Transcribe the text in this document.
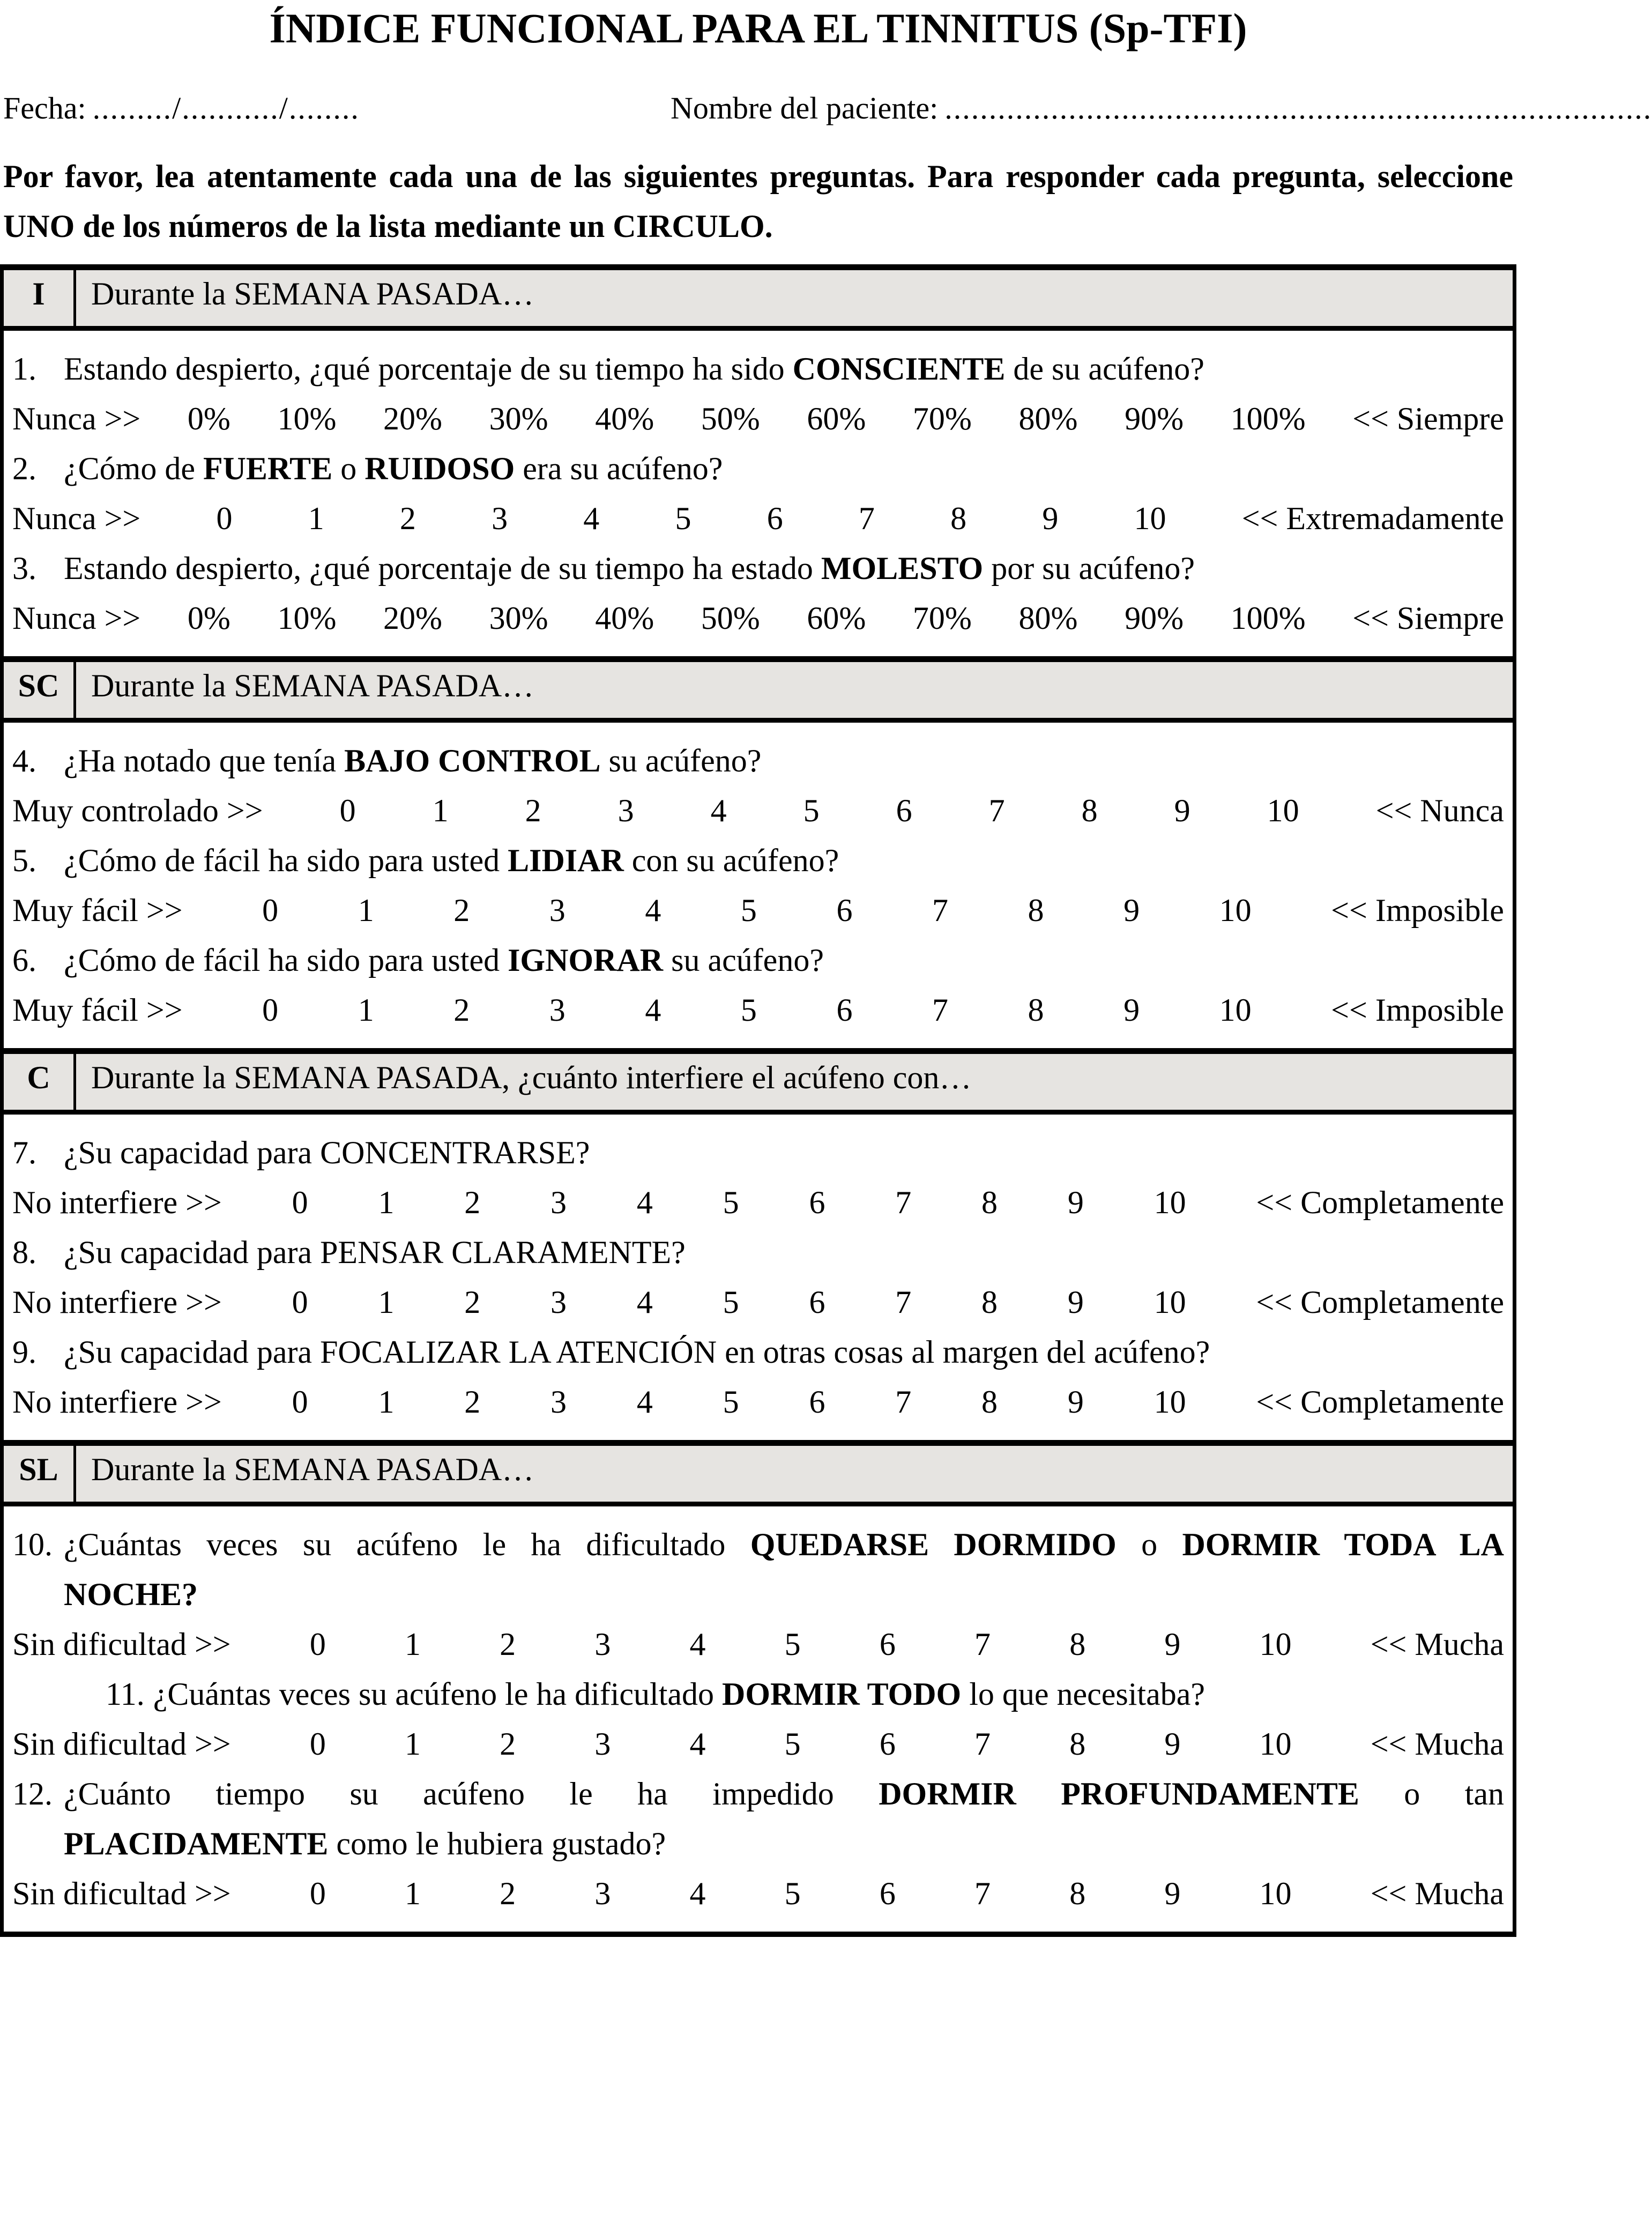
ÍNDICE FUNCIONAL PARA EL TINNITUS (Sp-TFI)
Fecha: ........./.........../........	Nombre del paciente: ................................................................................

Por favor, lea atentamente cada una de las siguientes preguntas. Para responder cada pregunta, seleccione UNO de los números de la lista mediante un CIRCULO.

I	Durante la SEMANA PASADA…
1. Estando despierto, ¿qué porcentaje de su tiempo ha sido CONSCIENTE de su acúfeno?
Nunca >> 0% 10% 20% 30% 40% 50% 60% 70% 80% 90% 100% << Siempre
2. ¿Cómo de FUERTE o RUIDOSO era su acúfeno?
Nunca >> 0 1 2 3 4 5 6 7 8 9 10 << Extremadamente
3. Estando despierto, ¿qué porcentaje de su tiempo ha estado MOLESTO por su acúfeno?
Nunca >> 0% 10% 20% 30% 40% 50% 60% 70% 80% 90% 100% << Siempre
SC Durante la SEMANA PASADA…
4. ¿Ha notado que tenía BAJO CONTROL su acúfeno?
Muy controlado >> 0 1 2 3 4 5 6 7 8 9 10 << Nunca
5. ¿Cómo de fácil ha sido para usted LIDIAR con su acúfeno?
Muy fácil >> 0 1 2 3 4 5 6 7 8 9 10 << Imposible
6. ¿Cómo de fácil ha sido para usted IGNORAR su acúfeno?
Muy fácil >> 0 1 2 3 4 5 6 7 8 9 10 << Imposible
C	Durante la SEMANA PASADA, ¿cuánto interfiere el acúfeno con…
7. ¿Su capacidad para CONCENTRARSE?
No interfiere >> 0 1 2 3 4 5 6 7 8 9 10 << Completamente
8. ¿Su capacidad para PENSAR CLARAMENTE?
No interfiere >> 0 1 2 3 4 5 6 7 8 9 10 << Completamente
9. ¿Su capacidad para FOCALIZAR LA ATENCIÓN en otras cosas al margen del acúfeno?
No interfiere >> 0 1 2 3 4 5 6 7 8 9 10 << Completamente
SL	Durante la SEMANA PASADA…
10. ¿Cuántas veces su acúfeno le ha dificultado QUEDARSE DORMIDO o DORMIR TODA LA
NOCHE?
Sin dificultad >> 0 1 2 3 4 5 6 7 8 9 10 << Mucha
11. ¿Cuántas veces su acúfeno le ha dificultado DORMIR TODO lo que necesitaba?
Sin dificultad >> 0 1 2 3 4 5 6 7 8 9 10 << Mucha
12. ¿Cuánto tiempo su acúfeno le ha impedido DORMIR PROFUNDAMENTE o tan
PLACIDAMENTE como le hubiera gustado?
Sin dificultad >> 0 1 2 3 4 5 6 7 8 9 10 << Mucha
